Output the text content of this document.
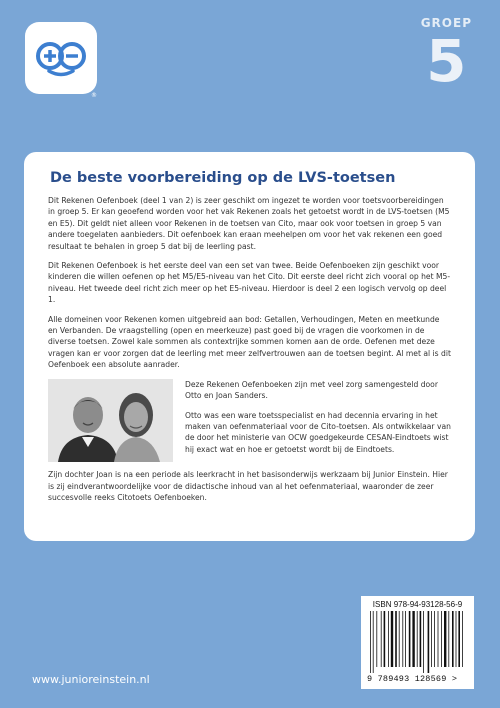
®
GROEP
5
De beste voorbereiding op de LVS-toetsen

Dit Rekenen Oefenboek (deel 1 van 2) is zeer geschikt om ingezet te worden voor toetsvoorbereidingen in groep 5. Er kan geoefend worden voor het vak Rekenen zoals het getoetst wordt in de LVS-toetsen (M5 en E5). Dit geldt niet alleen voor Rekenen in de toetsen van Cito, maar ook voor toetsen in groep 5 van andere toegelaten aanbieders. Dit oefenboek kan eraan meehelpen om voor het vak rekenen een goed resultaat te behalen in groep 5 dat bij de leerling past.

Dit Rekenen Oefenboek is het eerste deel van een set van twee. Beide Oefenboeken zijn geschikt voor kinderen die willen oefenen op het M5/E5-niveau van het Cito. Dit eerste deel richt zich vooral op het M5-niveau. Het tweede deel richt zich meer op het E5-niveau. Hierdoor is deel 2 een logisch vervolg op deel 1.

Alle domeinen voor Rekenen komen uitgebreid aan bod: Getallen, Verhoudingen, Meten en meetkunde en Verbanden. De vraagstelling (open en meerkeuze) past goed bij de vragen die voorkomen in de diverse toetsen. Zowel kale sommen als contextrijke sommen komen aan de orde. Oefenen met deze vragen kan er voor zorgen dat de leerling met meer zelfvertrouwen aan de toetsen begint. Al met al is dit Oefenboek een absolute aanrader.

Deze Rekenen Oefenboeken zijn met veel zorg samengesteld door Otto en Joan Sanders.

Otto was een ware toetsspecialist en had decennia ervaring in het maken van oefenmateriaal voor de Cito-toetsen. Als ontwikkelaar van de door het ministerie van OCW goedgekeurde CESAN-Eindtoets wist hij exact wat en hoe er getoetst wordt bij de Eindtoets.

Zijn dochter Joan is na een periode als leerkracht in het basisonderwijs werkzaam bij Junior Einstein. Hier is zij eindverantwoordelijke voor de didactische inhoud van al het oefenmateriaal, waaronder de zeer succesvolle reeks Citotoets Oefenboeken.

www.junioreinstein.nl
ISBN 978-94-93128-56-9
9 789493 128569 >
